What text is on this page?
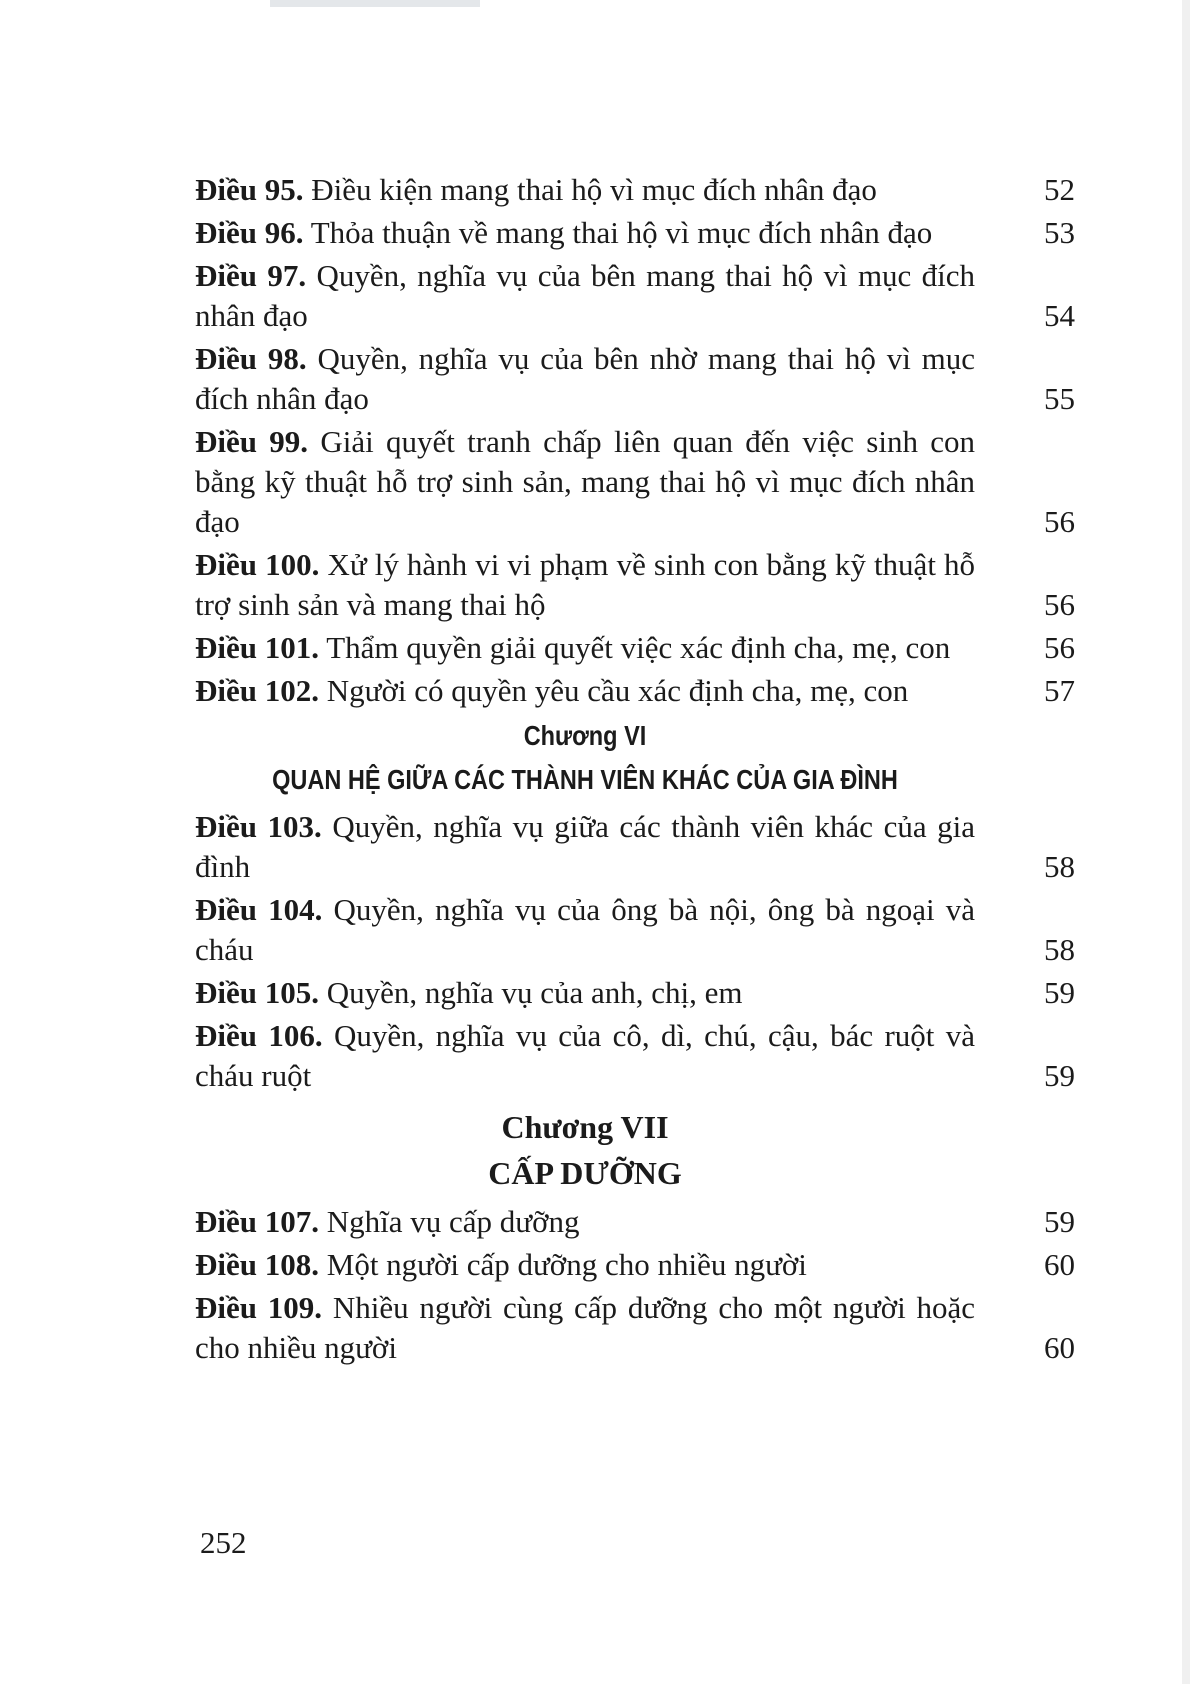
Điều 95. Điều kiện mang thai hộ vì mục đích nhân đạo	52
Điều 96. Thỏa thuận về mang thai hộ vì mục đích nhân đạo	53
Điều 97. Quyền, nghĩa vụ của bên mang thai hộ vì mục đích nhân đạo	54
Điều 98. Quyền, nghĩa vụ của bên nhờ mang thai hộ vì mục đích nhân đạo	55
Điều 99. Giải quyết tranh chấp liên quan đến việc sinh con bằng kỹ thuật hỗ trợ sinh sản, mang thai hộ vì mục đích nhân đạo	56
Điều 100. Xử lý hành vi vi phạm về sinh con bằng kỹ thuật hỗ trợ sinh sản và mang thai hộ	56
Điều 101. Thẩm quyền giải quyết việc xác định cha, mẹ, con	56
Điều 102. Người có quyền yêu cầu xác định cha, mẹ, con	57
Chương VI
QUAN HỆ GIỮA CÁC THÀNH VIÊN KHÁC CỦA GIA ĐÌNH
Điều 103. Quyền, nghĩa vụ giữa các thành viên khác của gia đình	58
Điều 104. Quyền, nghĩa vụ của ông bà nội, ông bà ngoại và cháu	58
Điều 105. Quyền, nghĩa vụ của anh, chị, em	59
Điều 106. Quyền, nghĩa vụ của cô, dì, chú, cậu, bác ruột và cháu ruột	59
Chương VII
CẤP DƯỠNG
Điều 107. Nghĩa vụ cấp dưỡng	59
Điều 108. Một người cấp dưỡng cho nhiều người	60
Điều 109. Nhiều người cùng cấp dưỡng cho một người hoặc cho nhiều người	60
252
